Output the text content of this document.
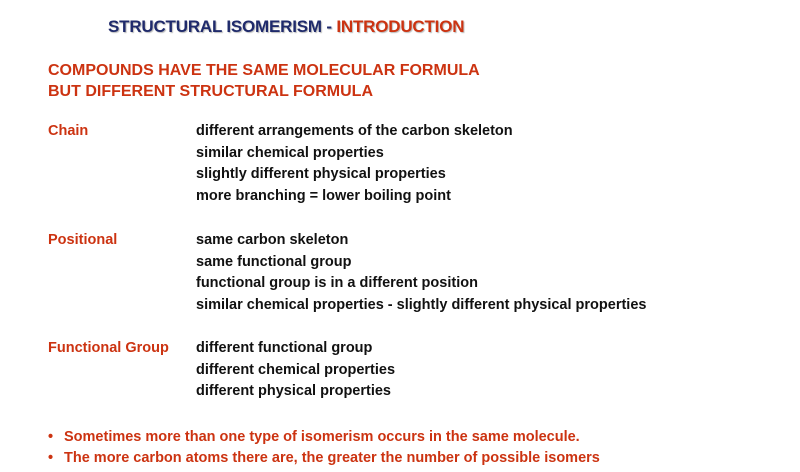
STRUCTURAL ISOMERISM - INTRODUCTION
COMPOUNDS HAVE THE SAME MOLECULAR FORMULA
BUT DIFFERENT STRUCTURAL FORMULA
Chain	different arrangements of the carbon skeleton
similar chemical properties
slightly different physical properties
more branching = lower boiling point
Positional	same carbon skeleton
same functional group
functional group is in a different position
similar chemical properties - slightly different physical properties
Functional Group different functional group
different chemical properties
different physical properties
• Sometimes more than one type of isomerism occurs in the same molecule.
• The more carbon atoms there are, the greater the number of possible isomers
